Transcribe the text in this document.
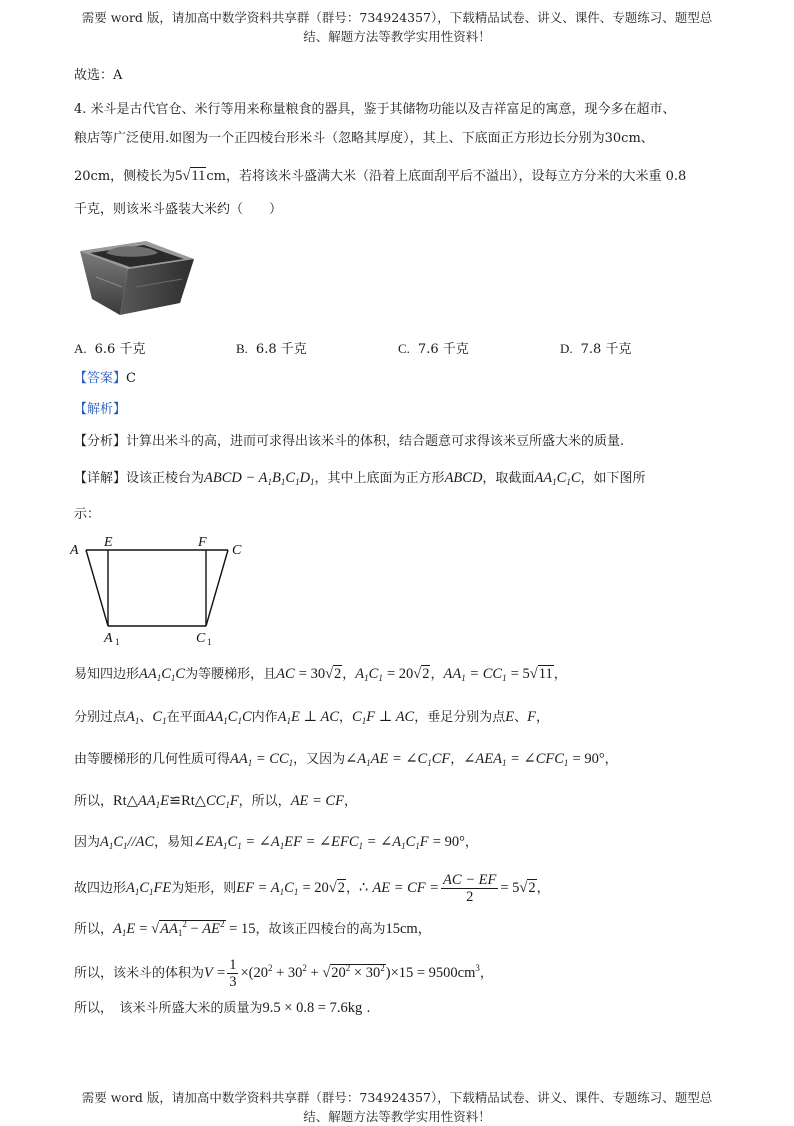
需要 word 版，请加高中数学资料共享群（群号：734924357），下载精品试卷、讲义、课件、专题练习、题型总
结、解题方法等教学实用性资料！
故选：A
4. 米斗是古代官仓、米行等用来称量粮食的器具，鉴于其储物功能以及吉祥富足的寓意，现今多在超市、
粮店等广泛使用.如图为一个正四棱台形米斗（忽略其厚度），其上、下底面正方形边长分别为30cm、
20cm，侧棱长为5√11cm，若将该米斗盛满大米（沿着上底面刮平后不溢出），设每立方分米的大米重 0.8
千克，则该米斗盛装大米约（　　）
A. 6.6 千克	B. 6.8 千克	C. 7.6 千克	D. 7.8 千克
【答案】C
【解析】
【分析】计算出米斗的高，进而可求得出该米斗的体积，结合题意可求得该米豆所盛大米的质量.
【详解】设该正棱台为ABCD − $A_1B_1C_1D_1$，其中上底面为正方形ABCD，取截面$AA_1C_1C$，如下图所
示：
A
E	F
C
A 1	C 1
易知四边形$AA_1C_1C$为等腰梯形，且AC = 30√2，$A_1C_1 = 20√2$，$AA_1 = CC_1 = 5√11$，
分别过点$A_1$、$C_1$在平面$AA_1C_1C$内作$A_1E$ ⊥ AC，$C_1F$ ⊥ AC，垂足分别为点E、F，
由等腰梯形的几何性质可得$AA_1 = CC_1$，又因为$\angle A_1AE$ = $\angle C_1CF$，$\angle AEA_1$ = $\angle CFC_1 = 90^\circ$，
所以，$Rt\triangle AA_1E≌Rt\triangle CC_1F$，所以，AE = CF，
因为$A_1C_1//AC$，易知$\angle EA_1C_1$ = $\angle A_1EF$ = $\angle EFC_1$ = $\angle A_1C_1F = 90^\circ$，
故四边形$A_1C_1FE$为矩形，则EF = $A_1C_1 = 20√2$，∴ AE = CF = $\frac{AC - EF}{2} = 5√2$，
所以，$A_1E = √AA_1^2 - AE^2 = 15$，故该正四棱台的高为15cm，
所以，该米斗的体积为$V = \frac{1}{3} \times(20^2 + 30^2 + √20^2 \times 30^2)\times 15 = 9500cm^3$，
所以，　该米斗所盛大米的质量为9.5 × 0.8 = 7.6kg .
需要 word 版，请加高中数学资料共享群（群号：734924357），下载精品试卷、讲义、课件、专题练习、题型总
结、解题方法等教学实用性资料！
